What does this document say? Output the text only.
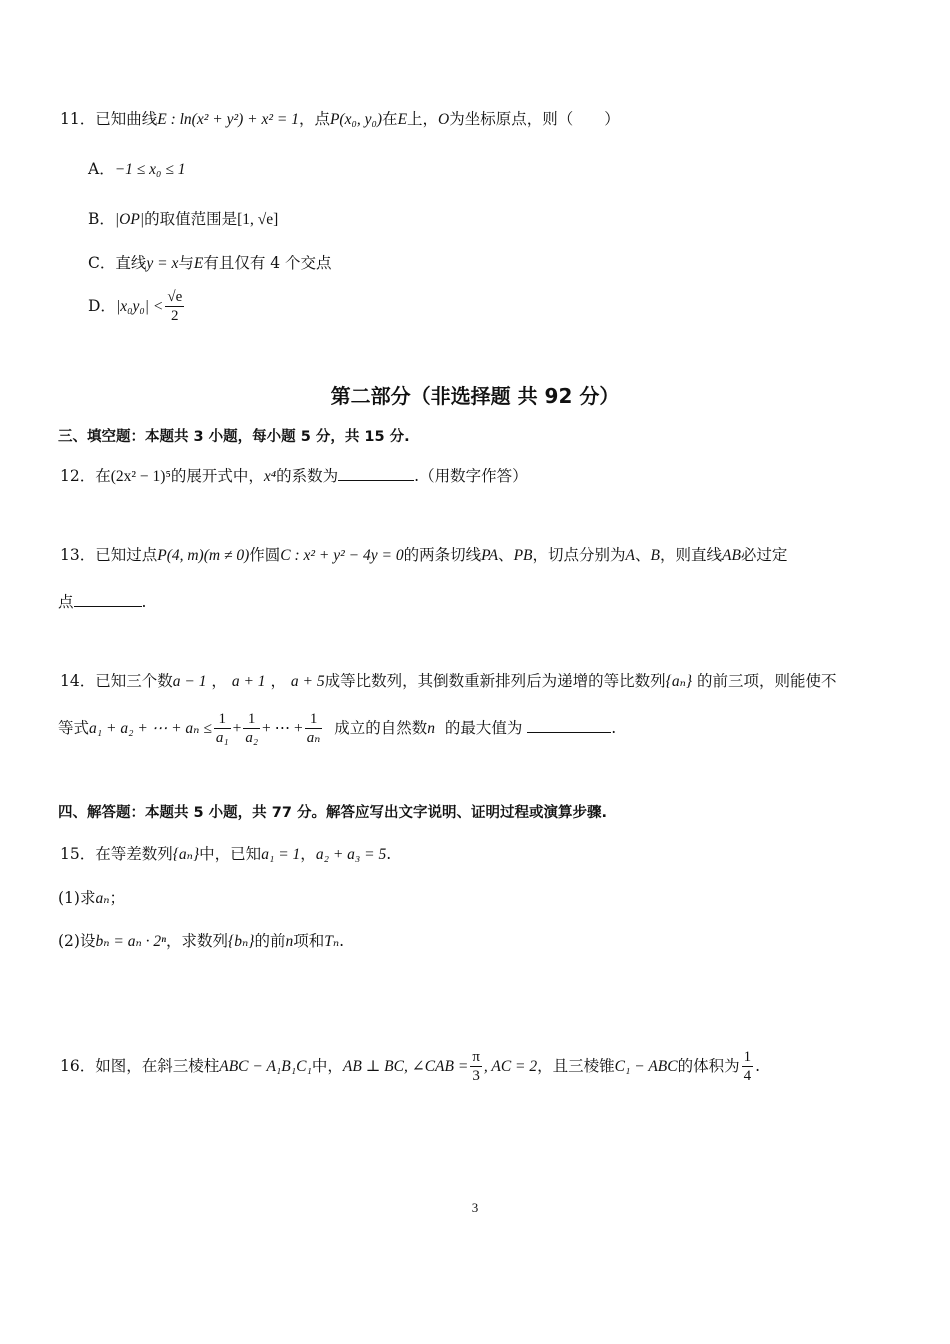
11．已知曲线E : ln(x² + y²) + x² = 1，点P(x₀, y₀)在E上，O为坐标原点，则（　　）
A．−1 ≤ x₀ ≤ 1
B．|OP|的取值范围是[1, √e]
C．直线y = x与E有且仅有 4 个交点
D．$|x_0y_0| < \frac{√e}{2}$
第二部分（非选择题 共 92 分）
三、填空题：本题共 3 小题，每小题 5 分，共 15 分.
12．在(2x² − 1)⁵的展开式中，x⁴的系数为	.（用数字作答）
13．已知过点P(4, m)(m ≠ 0)作圆C : x² + y² − 4y = 0的两条切线PA、PB，切点分别为A、B，则直线AB必过定
点	.
14．已知三个数a − 1 ， a + 1 ， a + 5成等比数列，其倒数重新排列后为递增的等比数列{aₙ} 的前三项，则能使不
等式a₁ + a₂ + ⋯ + $a_n \le \frac{1}{\text{a₁}} + \frac{1}{\text{a₂}}$ + ⋯ + $\frac{1}{\text{aₙ}}$ 成立的自然数n 的最大值为	.
四、解答题：本题共 5 小题，共 77 分。解答应写出文字说明、证明过程或演算步骤.
15．在等差数列{aₙ}中，已知a₁ = 1，a₂ + a₃ = 5.
(1)求aₙ；
(2)设bₙ = aₙ · 2ⁿ，求数列{bₙ}的前n项和Tₙ.
16．如图，在斜三棱柱ABC − A₁B₁C₁中，AB ⊥ BC, ∠CAB = $\frac{\pi}{3}$ , AC = 2，且三棱锥C₁ − ABC的体积为 $\frac{1}{4}$ .
3
